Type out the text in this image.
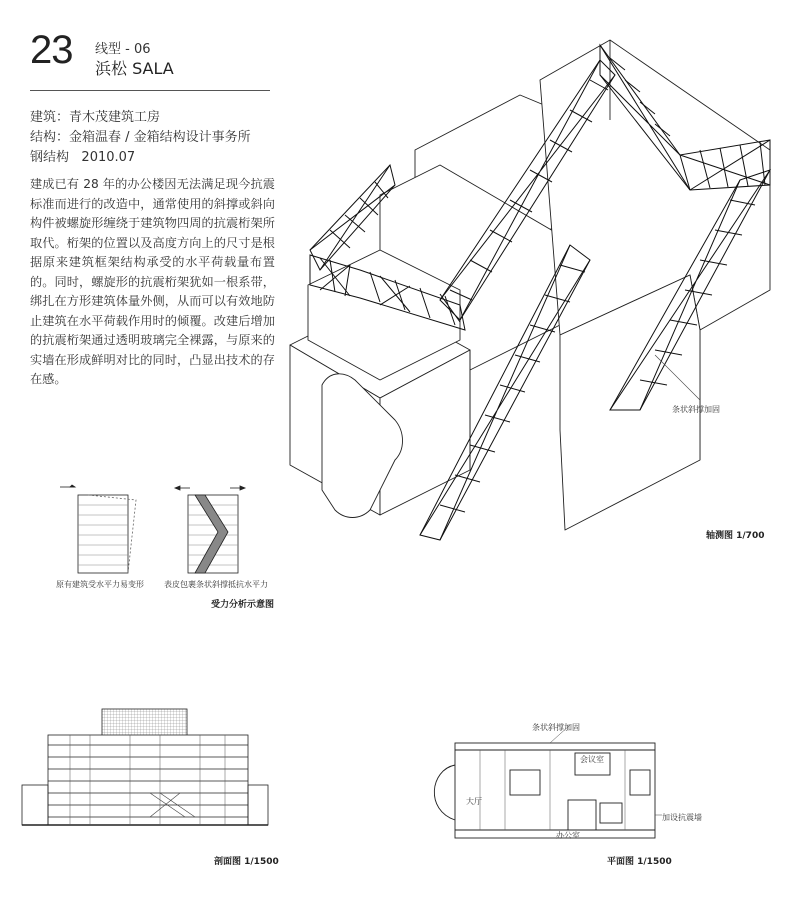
23 线型 - 06
浜松 SALA
建筑：青木茂建筑工房
结构：金箱温春 / 金箱结构设计事务所
钢结构 2010.07
建成已有 28 年的办公楼因无法满足现今抗震标准而进行的改造中，通常使用的斜撑或斜向构件被螺旋形缠绕于建筑物四周的抗震桁架所取代。桁架的位置以及高度方向上的尺寸是根据原来建筑框架结构承受的水平荷载量布置的。同时，螺旋形的抗震桁架犹如一根系带，绑扎在方形建筑体量外侧，从而可以有效地防止建筑在水平荷载作用时的倾覆。改建后增加的抗震桁架通过透明玻璃完全裸露，与原来的实墙在形成鲜明对比的同时，凸显出技术的存在感。
条状斜撑加固
轴测图 1/700
原有建筑受水平力易变形	表皮包裹条状斜撑抵抗水平力
受力分析示意图
剖面图 1/1500
条状斜撑加固
会议室
大厅
办公室
加设抗震墙
平面图 1/1500
